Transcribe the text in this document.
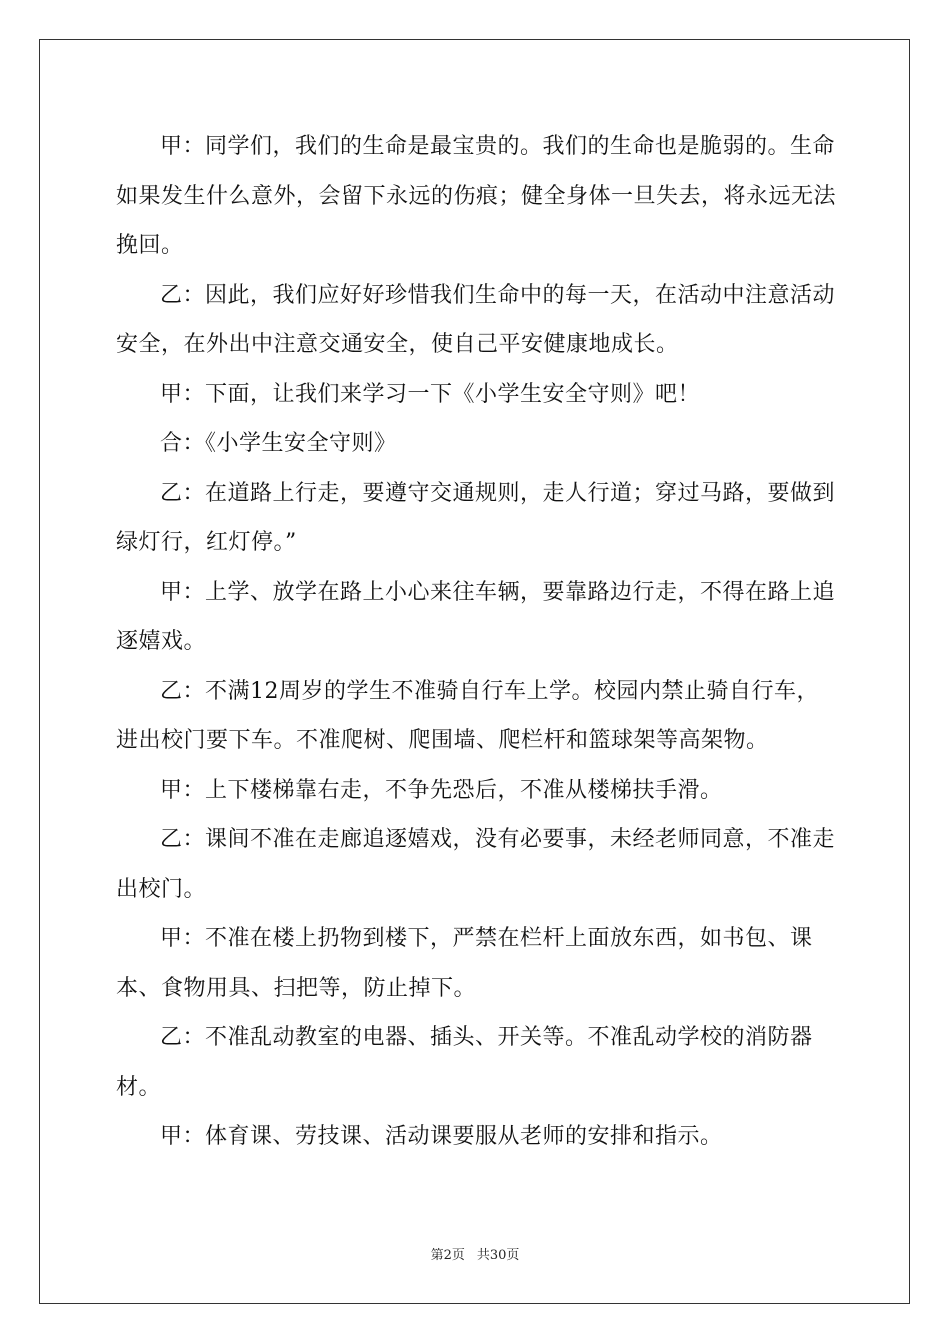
甲：同学们，我们的生命是最宝贵的。我们的生命也是脆弱的。生命如果发生什么意外，会留下永远的伤痕；健全身体一旦失去，将永远无法挽回。

乙：因此，我们应好好珍惜我们生命中的每一天，在活动中注意活动安全，在外出中注意交通安全，使自己平安健康地成长。

甲：下面，让我们来学习一下《小学生安全守则》吧！

合：《小学生安全守则》

乙：在道路上行走，要遵守交通规则，走人行道；穿过马路，要做到绿灯行，红灯停。”

甲：上学、放学在路上小心来往车辆，要靠路边行走，不得在路上追逐嬉戏。

乙：不满12周岁的学生不准骑自行车上学。校园内禁止骑自行车，进出校门要下车。不准爬树、爬围墙、爬栏杆和篮球架等高架物。

甲：上下楼梯靠右走，不争先恐后，不准从楼梯扶手滑。

乙：课间不准在走廊追逐嬉戏，没有必要事，未经老师同意，不准走出校门。

甲：不准在楼上扔物到楼下，严禁在栏杆上面放东西，如书包、课本、食物用具、扫把等，防止掉下。

乙：不准乱动教室的电器、插头、开关等。不准乱动学校的消防器材。

甲：体育课、劳技课、活动课要服从老师的安排和指示。

第2页 共30页
